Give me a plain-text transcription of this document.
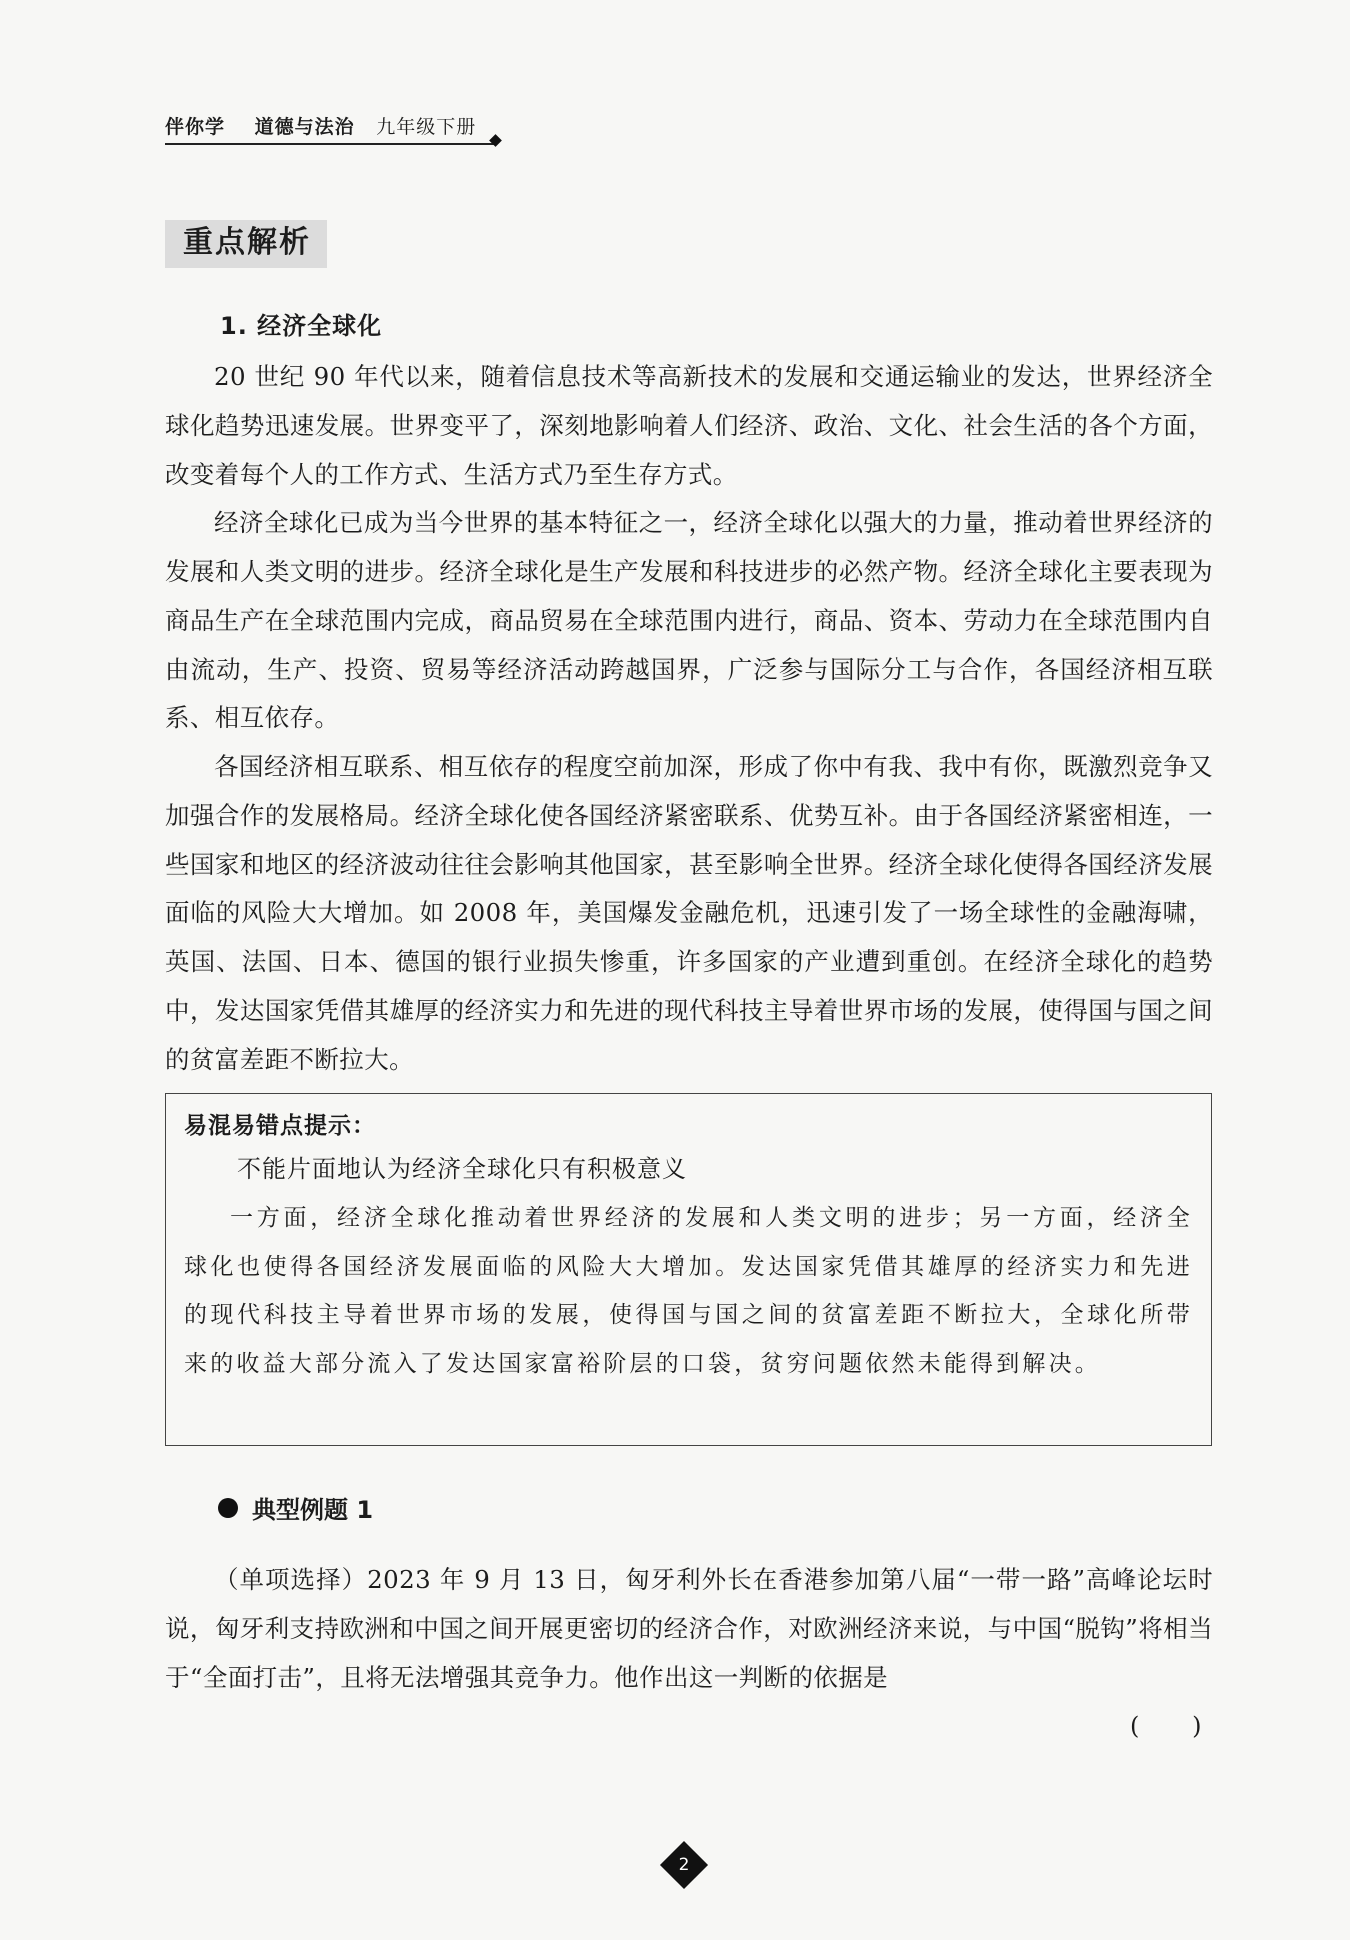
伴你学 道德与法治 九年级下册
重点解析
1. 经济全球化

20 世纪 90 年代以来，随着信息技术等高新技术的发展和交通运输业的发达，世界经济全球化趋势迅速发展。世界变平了，深刻地影响着人们经济、政治、文化、社会生活的各个方面，改变着每个人的工作方式、生活方式乃至生存方式。

经济全球化已成为当今世界的基本特征之一，经济全球化以强大的力量，推动着世界经济的发展和人类文明的进步。经济全球化是生产发展和科技进步的必然产物。经济全球化主要表现为商品生产在全球范围内完成，商品贸易在全球范围内进行，商品、资本、劳动力在全球范围内自由流动，生产、投资、贸易等经济活动跨越国界，广泛参与国际分工与合作，各国经济相互联系、相互依存。

各国经济相互联系、相互依存的程度空前加深，形成了你中有我、我中有你，既激烈竞争又加强合作的发展格局。经济全球化使各国经济紧密联系、优势互补。由于各国经济紧密相连，一些国家和地区的经济波动往往会影响其他国家，甚至影响全世界。经济全球化使得各国经济发展面临的风险大大增加。如 2008 年，美国爆发金融危机，迅速引发了一场全球性的金融海啸，英国、法国、日本、德国的银行业损失惨重，许多国家的产业遭到重创。在经济全球化的趋势中，发达国家凭借其雄厚的经济实力和先进的现代科技主导着世界市场的发展，使得国与国之间的贫富差距不断拉大。

易混易错点提示：
不能片面地认为经济全球化只有积极意义
一方面，经济全球化推动着世界经济的发展和人类文明的进步；另一方面，经济全球化也使得各国经济发展面临的风险大大增加。发达国家凭借其雄厚的经济实力和先进的现代科技主导着世界市场的发展，使得国与国之间的贫富差距不断拉大，全球化所带来的收益大部分流入了发达国家富裕阶层的口袋，贫穷问题依然未能得到解决。
典型例题 1
（单项选择）2023 年 9 月 13 日，匈牙利外长在香港参加第八届“一带一路”高峰论坛时说，匈牙利支持欧洲和中国之间开展更密切的经济合作，对欧洲经济来说，与中国“脱钩”将相当于“全面打击”，且将无法增强其竞争力。他作出这一判断的依据是
(      )
2
